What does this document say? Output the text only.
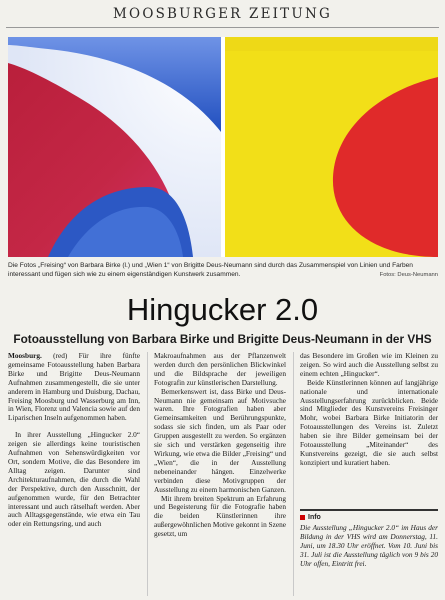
MOOSBURGER ZEITUNG
Die Fotos „Freising“ von Barbara Birke (l.) und „Wien 1“ von Brigitte Deus-Neumann sind durch das Zusammenspiel von Linien und Farben interessant und fügen sich wie zu einem eigenständigen Kunstwerk zusammen.	Fotos: Deus-Neumann
Hingucker 2.0
Fotoausstellung von Barbara Birke und Brigitte Deus-Neumann in der VHS

Moosburg. (red) Für ihre fünfte gemeinsame Fotoausstellung haben Barbara Birke und Brigitte Deus-Neumann Aufnahmen zusammengestellt, die sie unter anderem in Hamburg und Duisburg, Dachau, Freising Moosburg und Wasserburg am Inn, in Wien, Florenz und Valencia sowie auf den Liparischen Inseln aufgenommen haben.

In ihrer Ausstellung „Hingucker 2.0“ zeigen sie allerdings keine touristischen Aufnahmen von Sehenswürdigkeiten vor Ort, sondern Motive, die das Besondere im Alltag zeigen. Darunter sind Architekturaufnahmen, die durch die Wahl der Perspektive, durch den Ausschnitt, der aufgenommen wurde, für den Betrachter interessant und auch rätselhaft werden. Aber auch Alltagsgegenstände, wie etwa ein Tau oder ein Rettungsring, und auch

Makroaufnahmen aus der Pflanzenwelt werden durch den persönlichen Blickwinkel und die Bildsprache der jeweiligen Fotografin zur künstlerischen Darstellung.

Bemerkenswert ist, dass Birke und Deus-Neumann nie gemeinsam auf Motivsuche waren. Ihre Fotografien haben aber Gemeinsamkeiten und Berührungspunkte, sodass sie sich finden, um als Paar oder Gruppen ausgestellt zu werden. So ergänzen sie sich und verstärken gegenseitig ihre Wirkung, wie etwa die Bilder „Freising“ und „Wien“, die in der Ausstellung nebeneinander hängen. Einzelwerke verbinden diese Motivgruppen der Ausstellung zu einem harmonischen Ganzen.

Mit ihrem breiten Spektrum an Erfahrung und Begeisterung für die Fotografie haben die beiden Künstlerinnen ihre außergewöhnlichen Motive gekonnt in Szene gesetzt, um

das Besondere im Großen wie im Kleinen zu zeigen. So wird auch die Ausstellung selbst zu einem echten „Hingucker“.

Beide Künstlerinnen können auf langjährige nationale und internationale Ausstellungserfahrung zurückblicken. Beide sind Mitglieder des Kunstvereins Freisinger Mohr, wobei Barbara Birke Initiatorin der Fotoausstellungen des Vereins ist. Zuletzt haben sie ihre Bilder gemeinsam bei der Fotoausstellung „Miteinander“ des Kunstvereins gezeigt, die sie auch selbst konzipiert und kuratiert haben.

Info
Die Ausstellung „Hingucker 2.0“ im Haus der Bildung in der VHS wird am Donnerstag, 11. Juni, um 18.30 Uhr eröffnet. Vom 10. Juni bis 31. Juli ist die Ausstellung täglich von 9 bis 20 Uhr offen, Eintritt frei.
